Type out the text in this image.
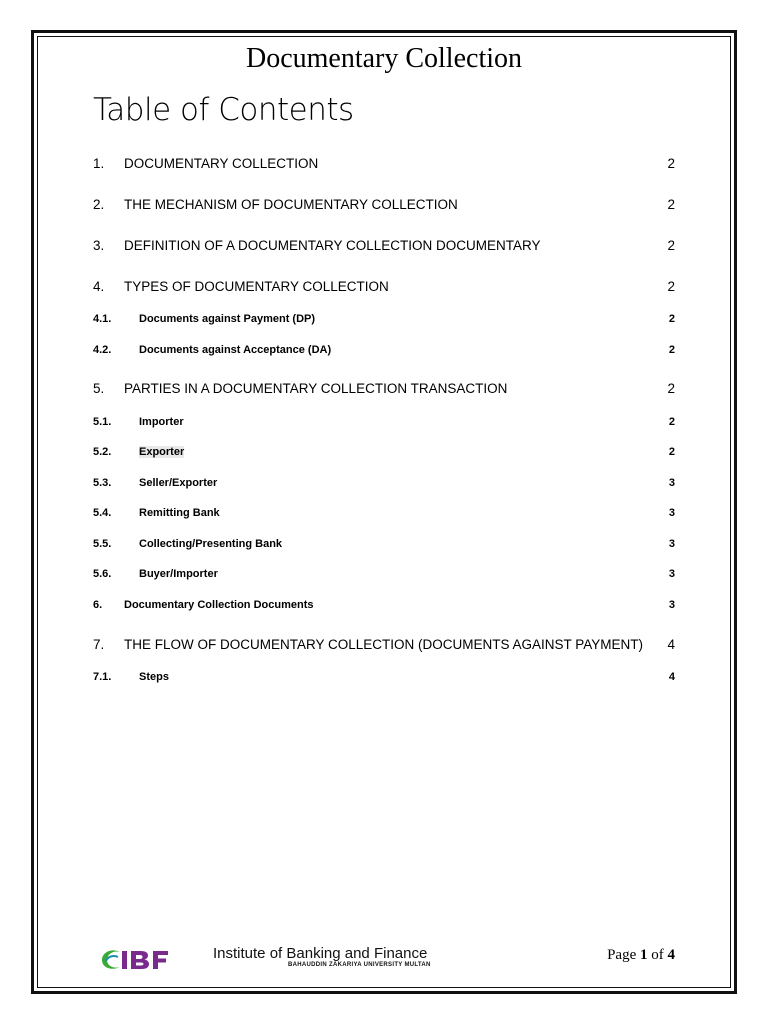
Documentary Collection
Table of Contents
1. DOCUMENTARY COLLECTION	2
2. THE MECHANISM OF DOCUMENTARY COLLECTION	2
3. DEFINITION OF A DOCUMENTARY COLLECTION DOCUMENTARY	2
4. TYPES OF DOCUMENTARY COLLECTION	2
4.1.	Documents against Payment (DP)	2
4.2.	Documents against Acceptance (DA)	2
5. PARTIES IN A DOCUMENTARY COLLECTION TRANSACTION	2
5.1.	Importer	2
5.2.	Exporter	2
5.3.	Seller/Exporter	3
5.4.	Remitting Bank	3
5.5.	Collecting/Presenting Bank	3
5.6.	Buyer/Importer	3
6. Documentary Collection Documents	3
7. THE FLOW OF DOCUMENTARY COLLECTION (DOCUMENTS AGAINST PAYMENT) 4
7.1.	Steps	4
Institute of Banking and Finance
BAHAUDDIN ZAKARIYA UNIVERSITY MULTAN
Page 1 of 4
